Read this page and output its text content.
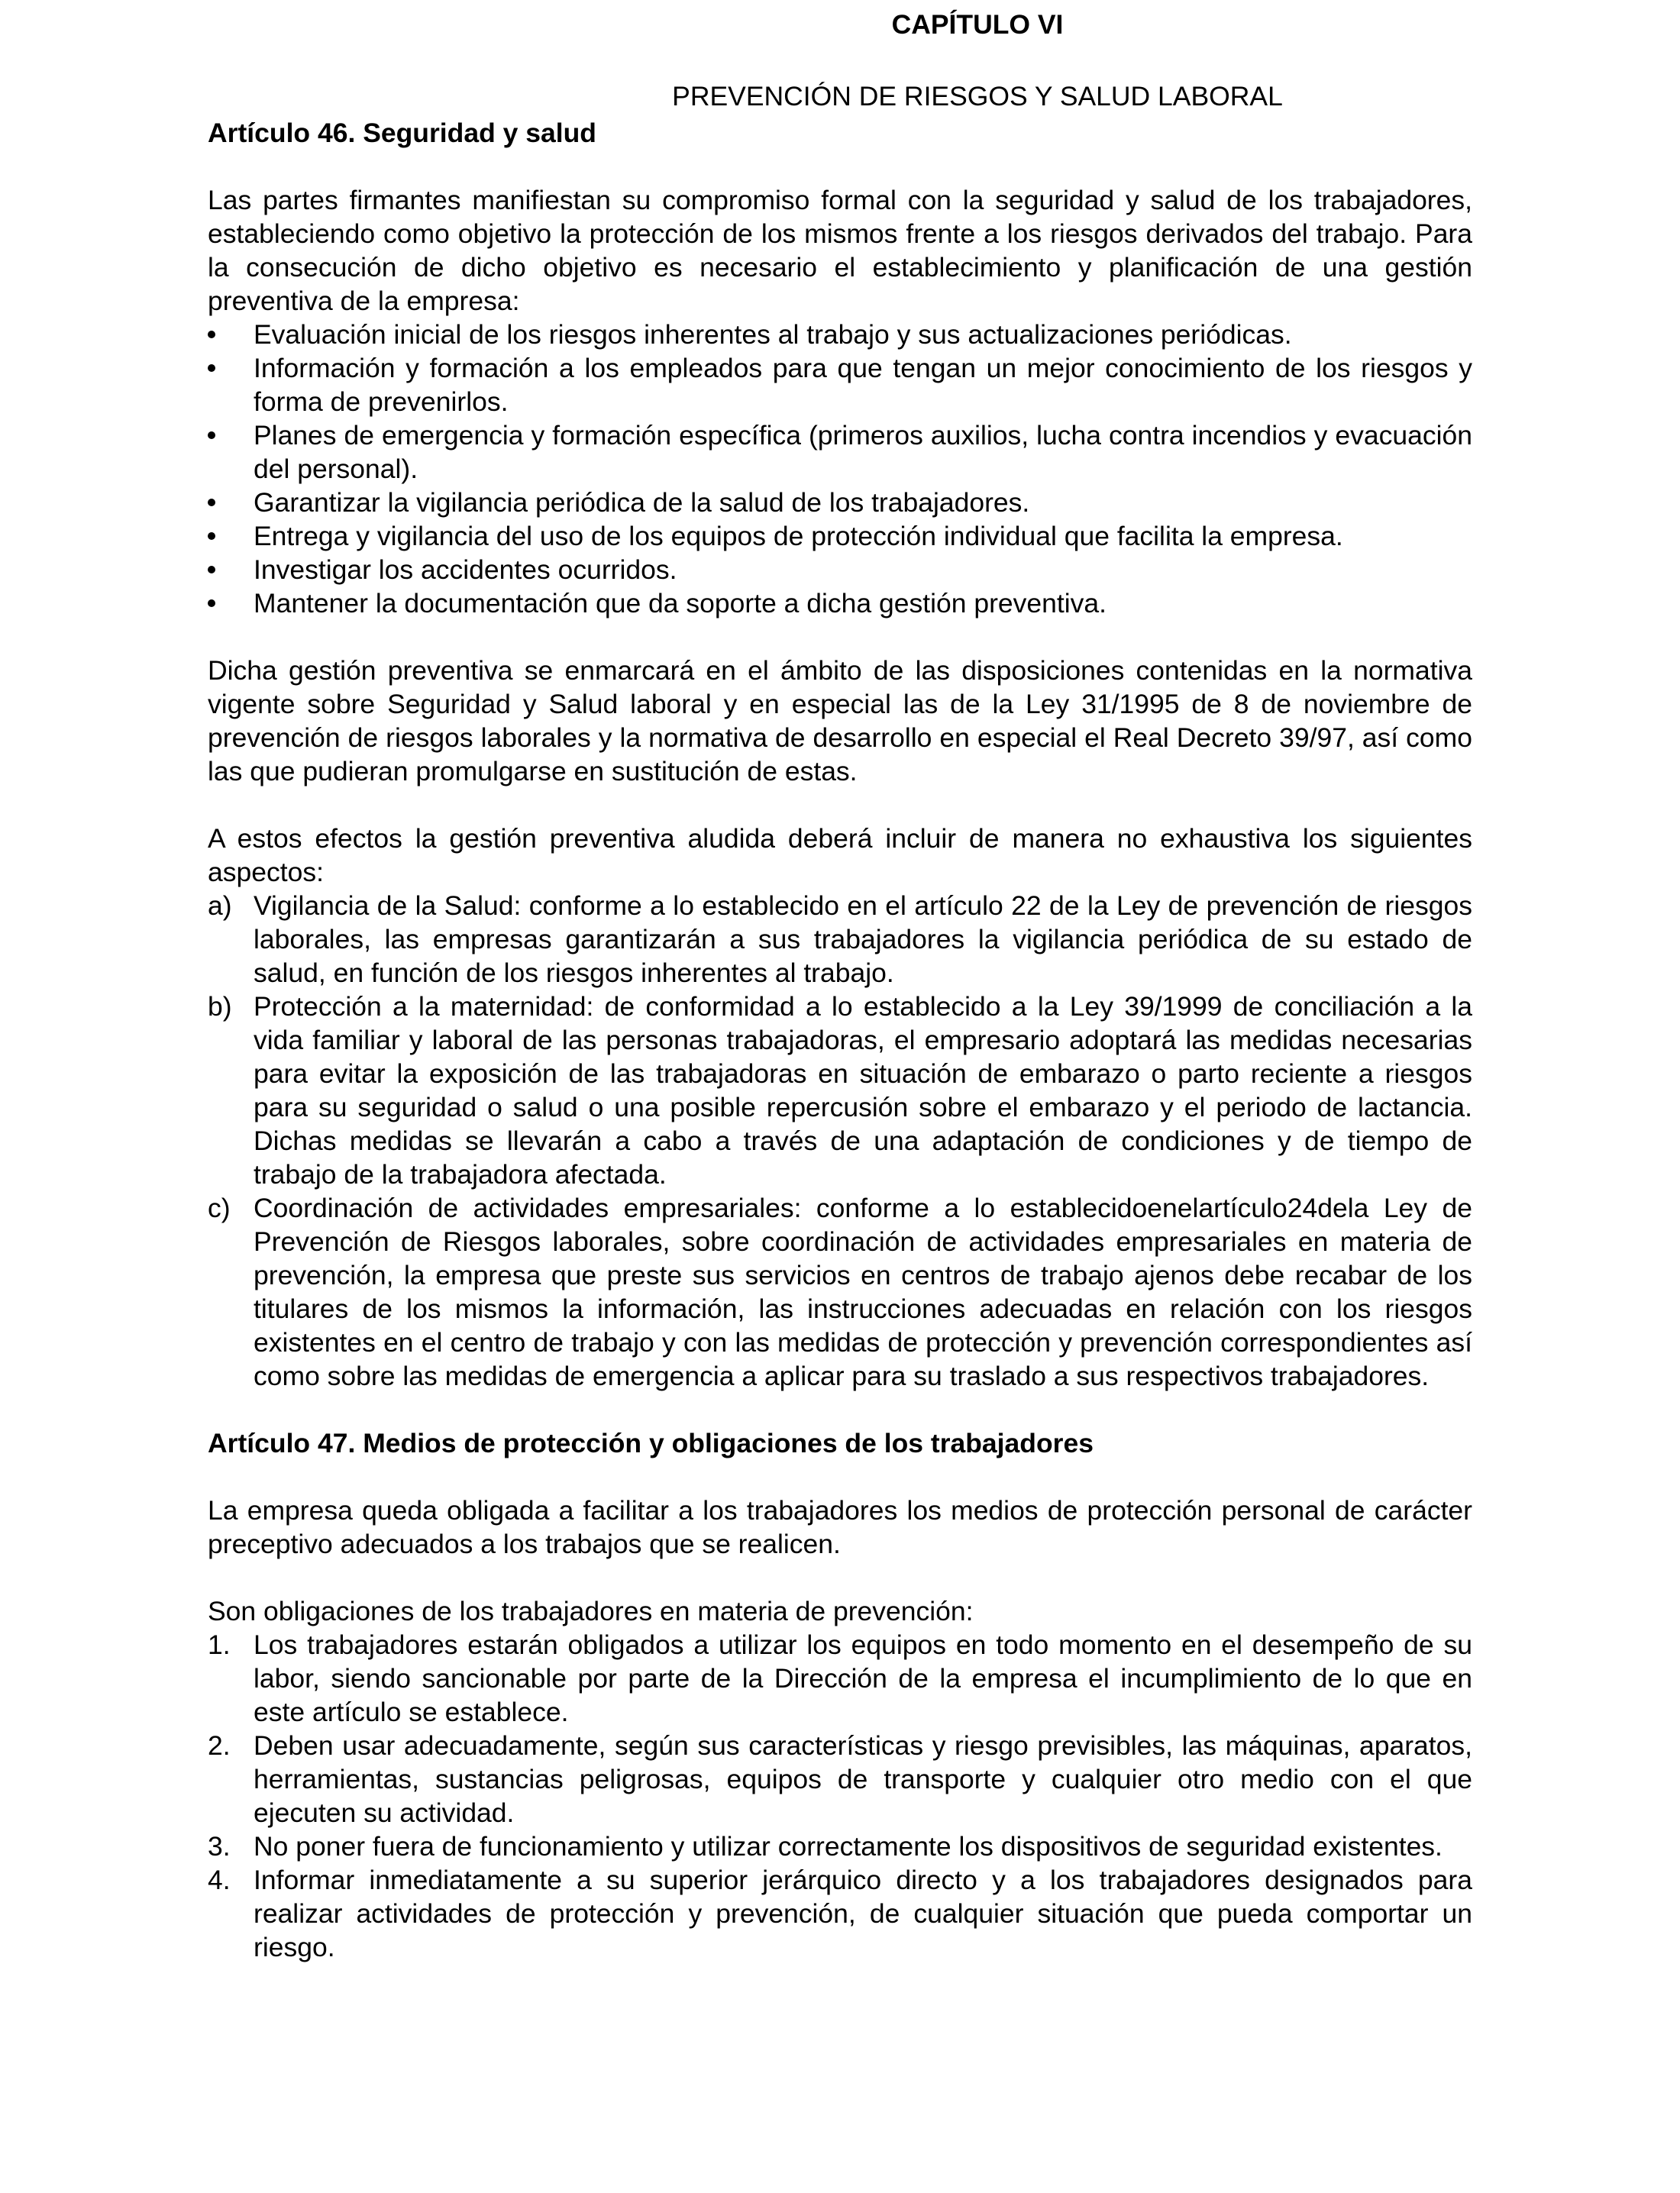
CAPÍTULO VI
PREVENCIÓN DE RIESGOS Y SALUD LABORAL
Artículo 46. Seguridad y salud

Las partes firmantes manifiestan su compromiso formal con la seguridad y salud de los trabajadores, estableciendo como objetivo la protección de los mismos frente a los riesgos derivados del trabajo. Para la consecución de dicho objetivo es necesario el establecimiento y planificación de una gestión preventiva de la empresa:

Evaluación inicial de los riesgos inherentes al trabajo y sus actualizaciones periódicas.
Información y formación a los empleados para que tengan un mejor conocimiento de los riesgos y forma de prevenirlos.
Planes de emergencia y formación específica (primeros auxilios, lucha contra incendios y evacuación del personal).
Garantizar la vigilancia periódica de la salud de los trabajadores.
Entrega y vigilancia del uso de los equipos de protección individual que facilita la empresa.
Investigar los accidentes ocurridos.
Mantener la documentación que da soporte a dicha gestión preventiva.

Dicha gestión preventiva se enmarcará en el ámbito de las disposiciones contenidas en la normativa vigente sobre Seguridad y Salud laboral y en especial las de la Ley 31/1995 de 8 de noviembre de prevención de riesgos laborales y la normativa de desarrollo en especial el Real Decreto 39/97, así como las que pudieran promulgarse en sustitución de estas.

A estos efectos la gestión preventiva aludida deberá incluir de manera no exhaustiva los siguientes aspectos:

a) Vigilancia de la Salud: conforme a lo establecido en el artículo 22 de la Ley de prevención de riesgos laborales, las empresas garantizarán a sus trabajadores la vigilancia periódica de su estado de salud, en función de los riesgos inherentes al trabajo.
b) Protección a la maternidad: de conformidad a lo establecido a la Ley 39/1999 de conciliación a la vida familiar y laboral de las personas trabajadoras, el empresario adoptará las medidas necesarias para evitar la exposición de las trabajadoras en situación de embarazo o parto reciente a riesgos para su seguridad o salud o una posible repercusión sobre el embarazo y el periodo de lactancia. Dichas medidas se llevarán a cabo a través de una adaptación de condiciones y de tiempo de trabajo de la trabajadora afectada.
c) Coordinación de actividades empresariales: conforme a lo establecidoenelartículo24dela Ley de Prevención de Riesgos laborales, sobre coordinación de actividades empresariales en materia de prevención, la empresa que preste sus servicios en centros de trabajo ajenos debe recabar de los titulares de los mismos la información, las instrucciones adecuadas en relación con los riesgos existentes en el centro de trabajo y con las medidas de protección y prevención correspondientes así como sobre las medidas de emergencia a aplicar para su traslado a sus respectivos trabajadores.
Artículo 47. Medios de protección y obligaciones de los trabajadores

La empresa queda obligada a facilitar a los trabajadores los medios de protección personal de carácter preceptivo adecuados a los trabajos que se realicen.

Son obligaciones de los trabajadores en materia de prevención:

1. Los trabajadores estarán obligados a utilizar los equipos en todo momento en el desempeño de su labor, siendo sancionable por parte de la Dirección de la empresa el incumplimiento de lo que en este artículo se establece.
2. Deben usar adecuadamente, según sus características y riesgo previsibles, las máquinas, aparatos, herramientas, sustancias peligrosas, equipos de transporte y cualquier otro medio con el que ejecuten su actividad.
3. No poner fuera de funcionamiento y utilizar correctamente los dispositivos de seguridad existentes.
4. Informar inmediatamente a su superior jerárquico directo y a los trabajadores designados para realizar actividades de protección y prevención, de cualquier situación que pueda comportar un riesgo.
